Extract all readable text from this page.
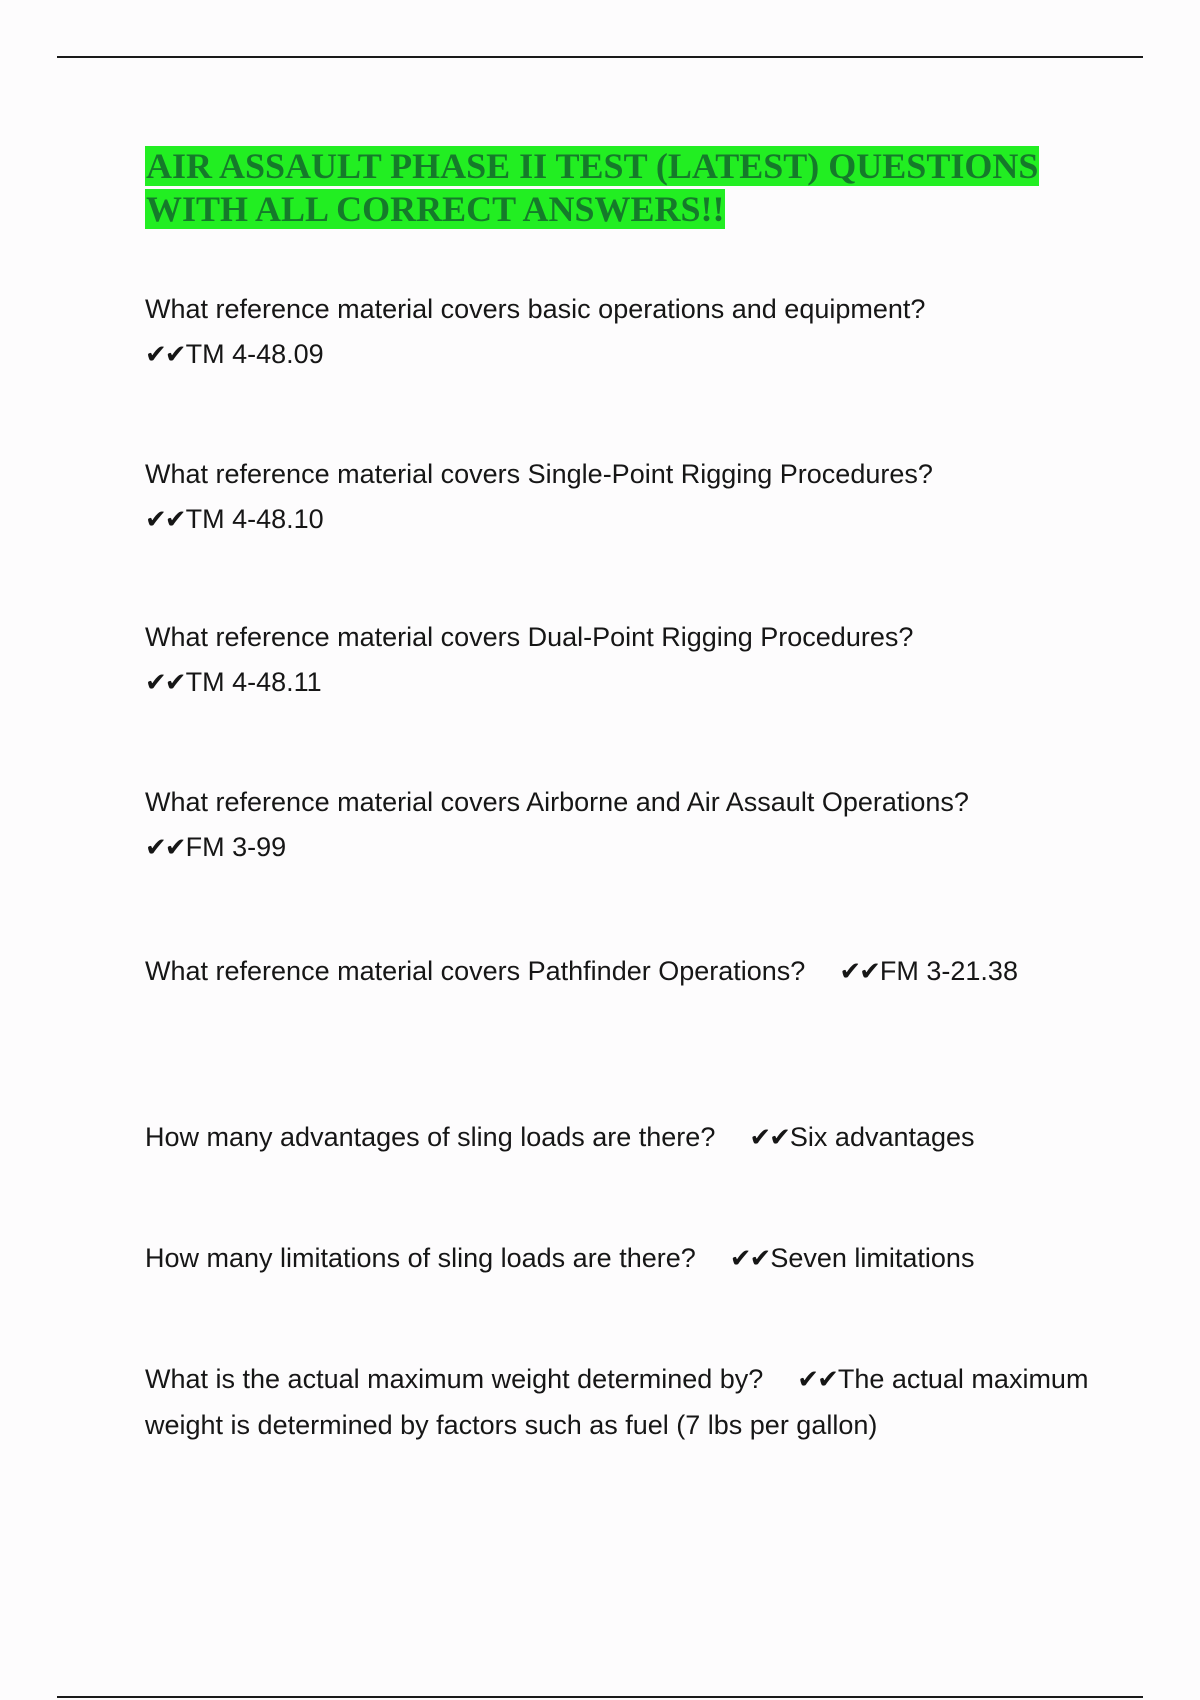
AIR ASSAULT PHASE II TEST (LATEST) QUESTIONS WITH ALL CORRECT ANSWERS!!

What reference material covers basic operations and equipment?
✔✔TM 4-48.09

What reference material covers Single-Point Rigging Procedures?
✔✔TM 4-48.10

What reference material covers Dual-Point Rigging Procedures?
✔✔TM 4-48.11

What reference material covers Airborne and Air Assault Operations?
✔✔FM 3-99

What reference material covers Pathfinder Operations? ✔✔FM 3-21.38

How many advantages of sling loads are there? ✔✔Six advantages

How many limitations of sling loads are there? ✔✔Seven limitations

What is the actual maximum weight determined by? ✔✔The actual maximum weight is determined by factors such as fuel (7 lbs per gallon)
